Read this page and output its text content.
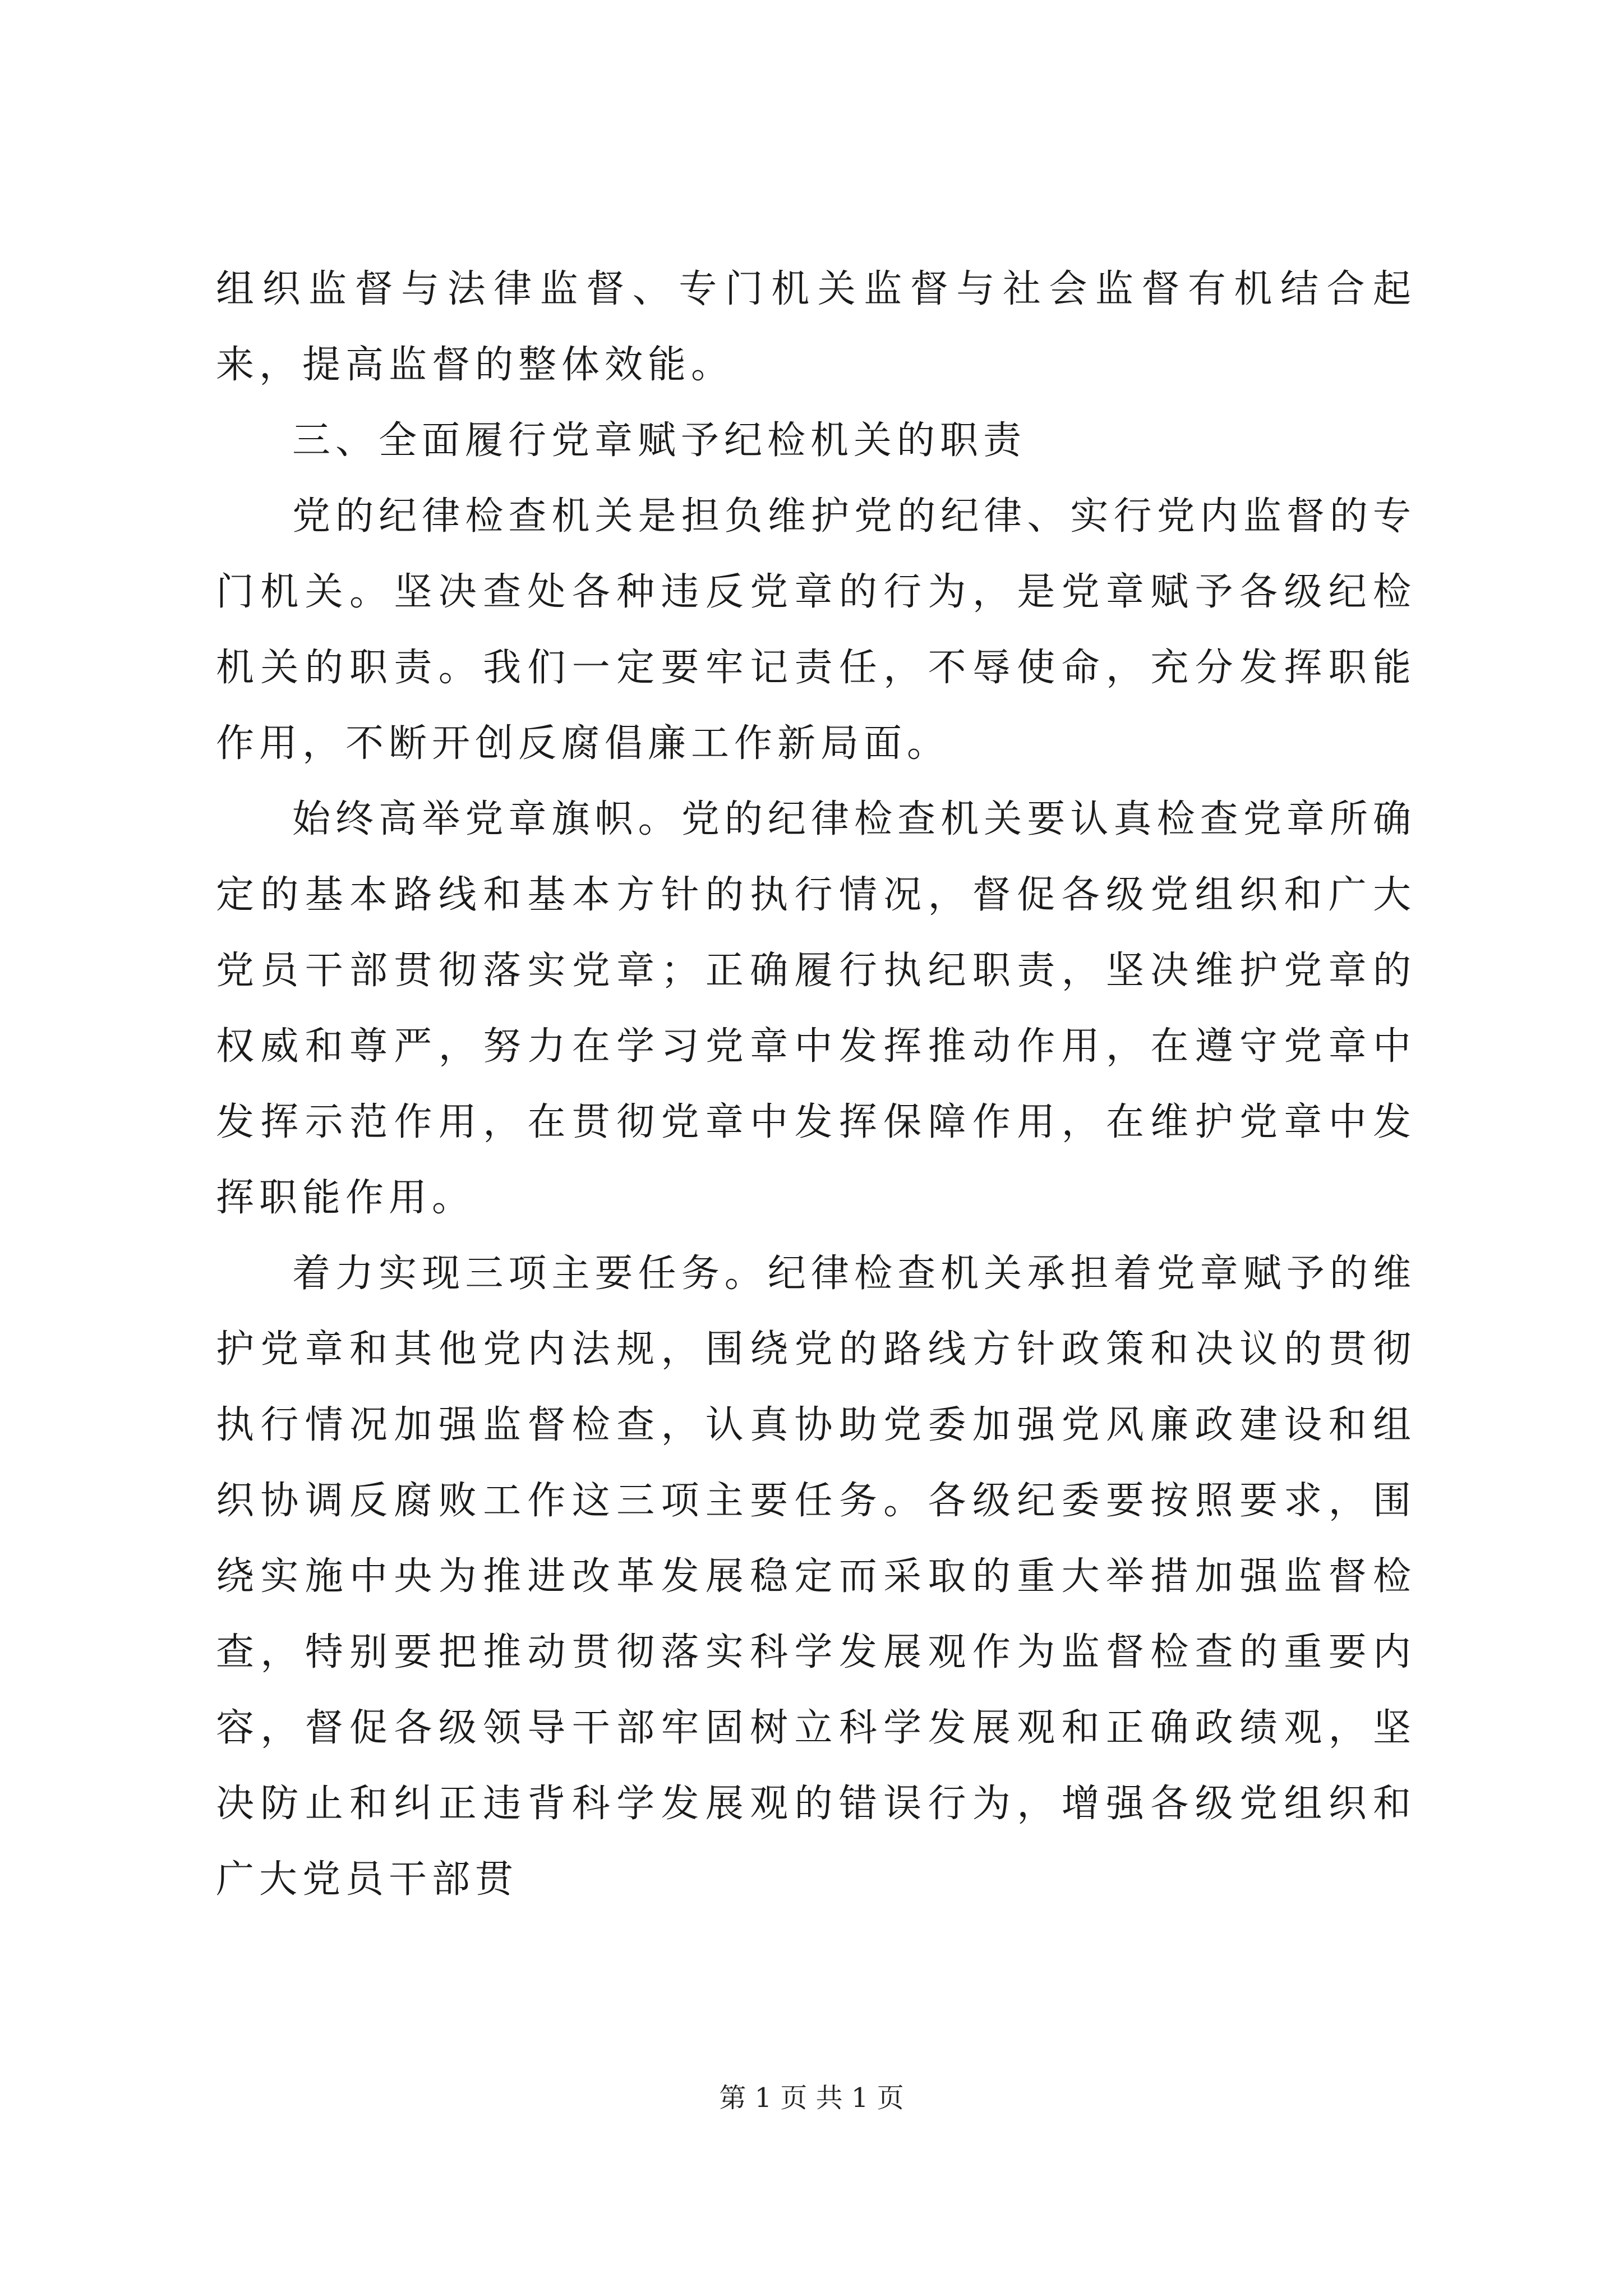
组织监督与法律监督、专门机关监督与社会监督有机结合起来，提高监督的整体效能。

三、全面履行党章赋予纪检机关的职责

党的纪律检查机关是担负维护党的纪律、实行党内监督的专门机关。坚决查处各种违反党章的行为，是党章赋予各级纪检机关的职责。我们一定要牢记责任，不辱使命，充分发挥职能作用，不断开创反腐倡廉工作新局面。

始终高举党章旗帜。党的纪律检查机关要认真检查党章所确定的基本路线和基本方针的执行情况，督促各级党组织和广大党员干部贯彻落实党章；正确履行执纪职责，坚决维护党章的权威和尊严，努力在学习党章中发挥推动作用，在遵守党章中发挥示范作用，在贯彻党章中发挥保障作用，在维护党章中发挥职能作用。

着力实现三项主要任务。纪律检查机关承担着党章赋予的维护党章和其他党内法规，围绕党的路线方针政策和决议的贯彻执行情况加强监督检查，认真协助党委加强党风廉政建设和组织协调反腐败工作这三项主要任务。各级纪委要按照要求，围绕实施中央为推进改革发展稳定而采取的重大举措加强监督检查，特别要把推动贯彻落实科学发展观作为监督检查的重要内容，督促各级领导干部牢固树立科学发展观和正确政绩观，坚决防止和纠正违背科学发展观的错误行为，增强各级党组织和广大党员干部贯

第 1 页 共 1 页
